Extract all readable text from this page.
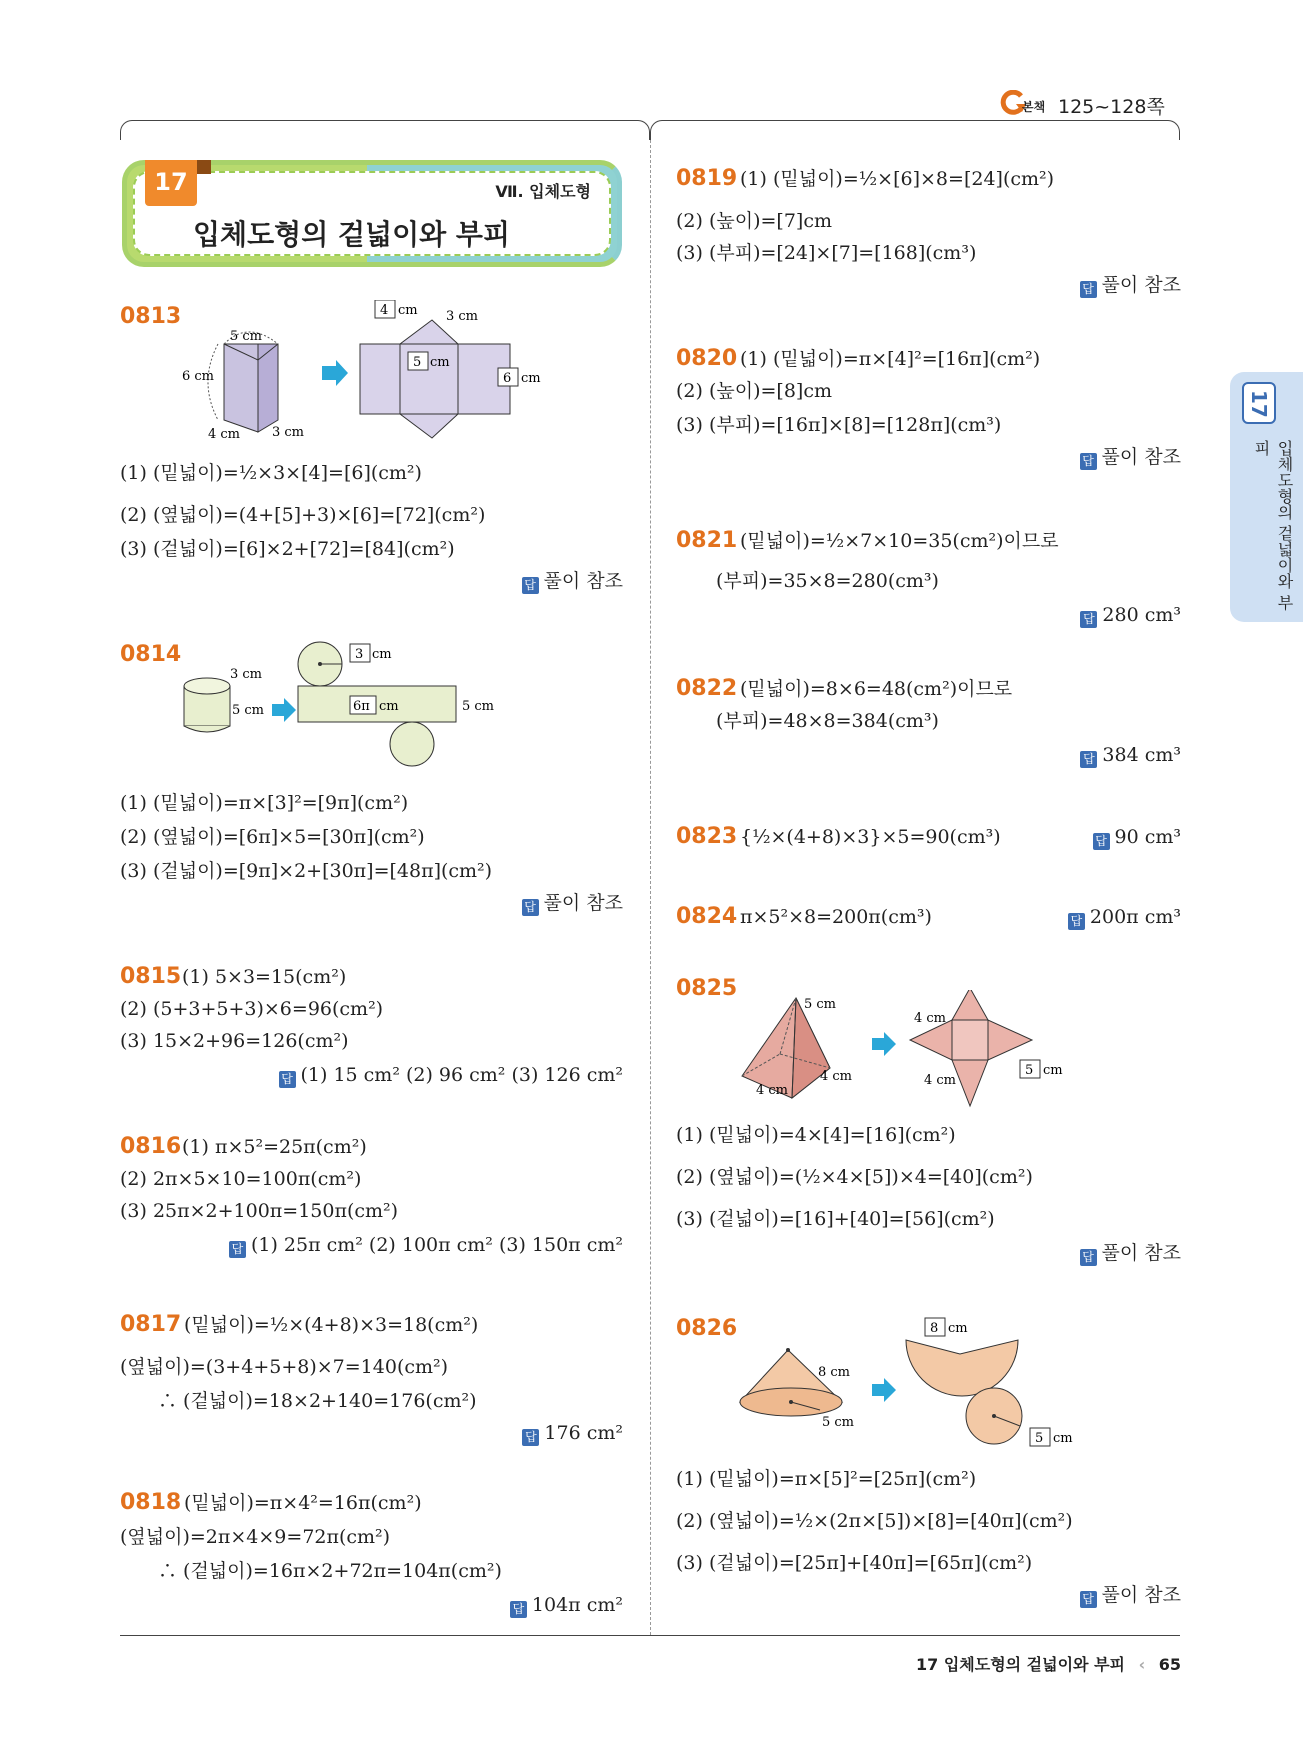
본책 125~128쪽
17	Ⅶ. 입체도형
입체도형의 겉넓이와 부피
17
입체도형의 겉넓이와 부피
0813
5 cm
6 cm
4 cm 3 cm
4 cm 3 cm
5 cm
6 cm
(1) (밑넓이)=½×3×[4]=[6](cm²)
(2) (옆넓이)=(4+[5]+3)×[6]=[72](cm²)
(3) (겉넓이)=[6]×2+[72]=[84](cm²)
답 풀이 참조
0814
3 cm
5 cm
3 cm
6π cm	5 cm
(1) (밑넓이)=π×[3]²=[9π](cm²)
(2) (옆넓이)=[6π]×5=[30π](cm²)
(3) (겉넓이)=[9π]×2+[30π]=[48π](cm²)
답 풀이 참조
0815 (1) 5×3=15(cm²)
(2) (5+3+5+3)×6=96(cm²)
(3) 15×2+96=126(cm²)
답 (1) 15 cm² (2) 96 cm² (3) 126 cm²
0816 (1) π×5²=25π(cm²)
(2) 2π×5×10=100π(cm²)
(3) 25π×2+100π=150π(cm²)
답 (1) 25π cm² (2) 100π cm² (3) 150π cm²
0817 (밑넓이)=½×(4+8)×3=18(cm²)
(옆넓이)=(3+4+5+8)×7=140(cm²)
∴ (겉넓이)=18×2+140=176(cm²)
답 176 cm²
0818 (밑넓이)=π×4²=16π(cm²)
(옆넓이)=2π×4×9=72π(cm²)
∴ (겉넓이)=16π×2+72π=104π(cm²)
답 104π cm²
0819 (1) (밑넓이)=½×[6]×8=[24](cm²)
(2) (높이)=[7]cm
(3) (부피)=[24]×[7]=[168](cm³)
답 풀이 참조
0820 (1) (밑넓이)=π×[4]²=[16π](cm²)
(2) (높이)=[8]cm
(3) (부피)=[16π]×[8]=[128π](cm³)
답 풀이 참조
0821 (밑넓이)=½×7×10=35(cm²)이므로
(부피)=35×8=280(cm³)
답 280 cm³
0822 (밑넓이)=8×6=48(cm²)이므로
(부피)=48×8=384(cm³)
답 384 cm³
0823 {½×(4+8)×3}×5=90(cm³)	답 90 cm³
0824 π×5²×8=200π(cm³)	답 200π cm³
0825
5 cm
4 cm
4 cm
4 cm
4 cm
5 cm
(1) (밑넓이)=4×[4]=[16](cm²)
(2) (옆넓이)=(½×4×[5])×4=[40](cm²)
(3) (겉넓이)=[16]+[40]=[56](cm²)
답 풀이 참조
0826
8 cm
5 cm
8 cm
5 cm
(1) (밑넓이)=π×[5]²=[25π](cm²)
(2) (옆넓이)=½×(2π×[5])×[8]=[40π](cm²)
(3) (겉넓이)=[25π]+[40π]=[65π](cm²)
답 풀이 참조
17 입체도형의 겉넓이와 부피 ‹ 65
